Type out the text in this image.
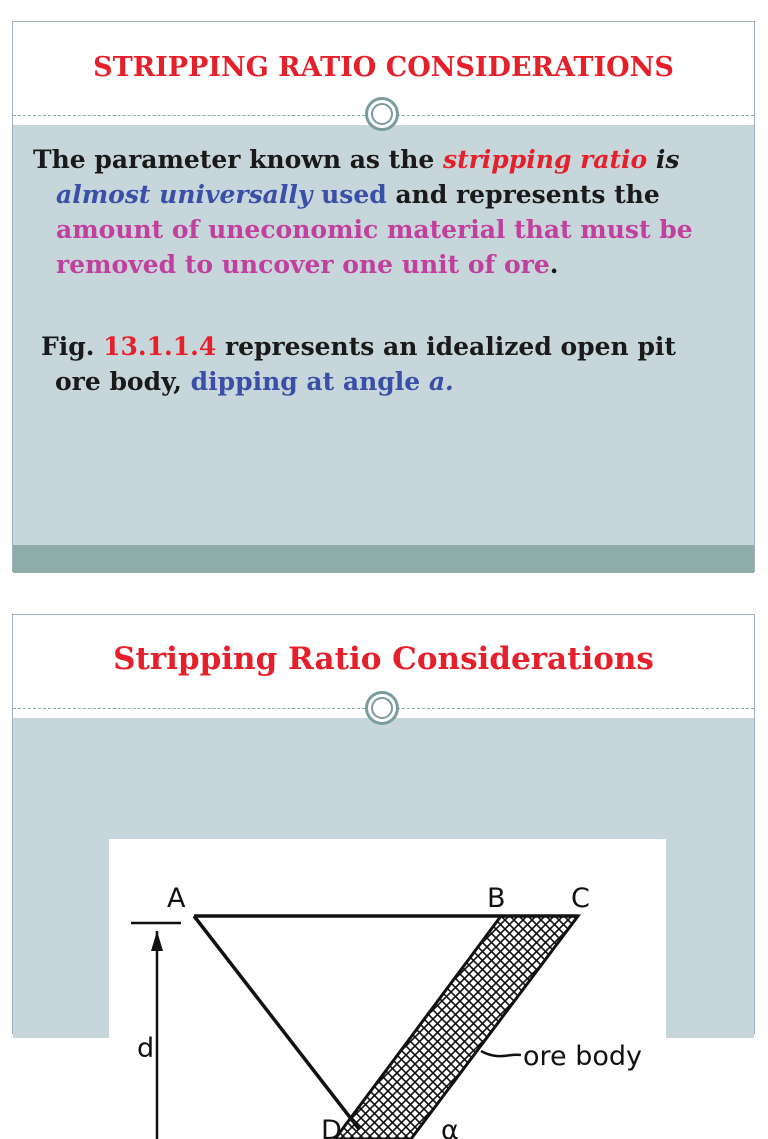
STRIPPING RATIO CONSIDERATIONS
The parameter known as the stripping ratio is
almost universally used and represents the
amount of uneconomic material that must be
removed to uncover one unit of ore.
Fig. 13.1.1.4 represents an idealized open pit
ore body, dipping at angle a.
Stripping Ratio Considerations
A	B C
d	ore body
D	α
